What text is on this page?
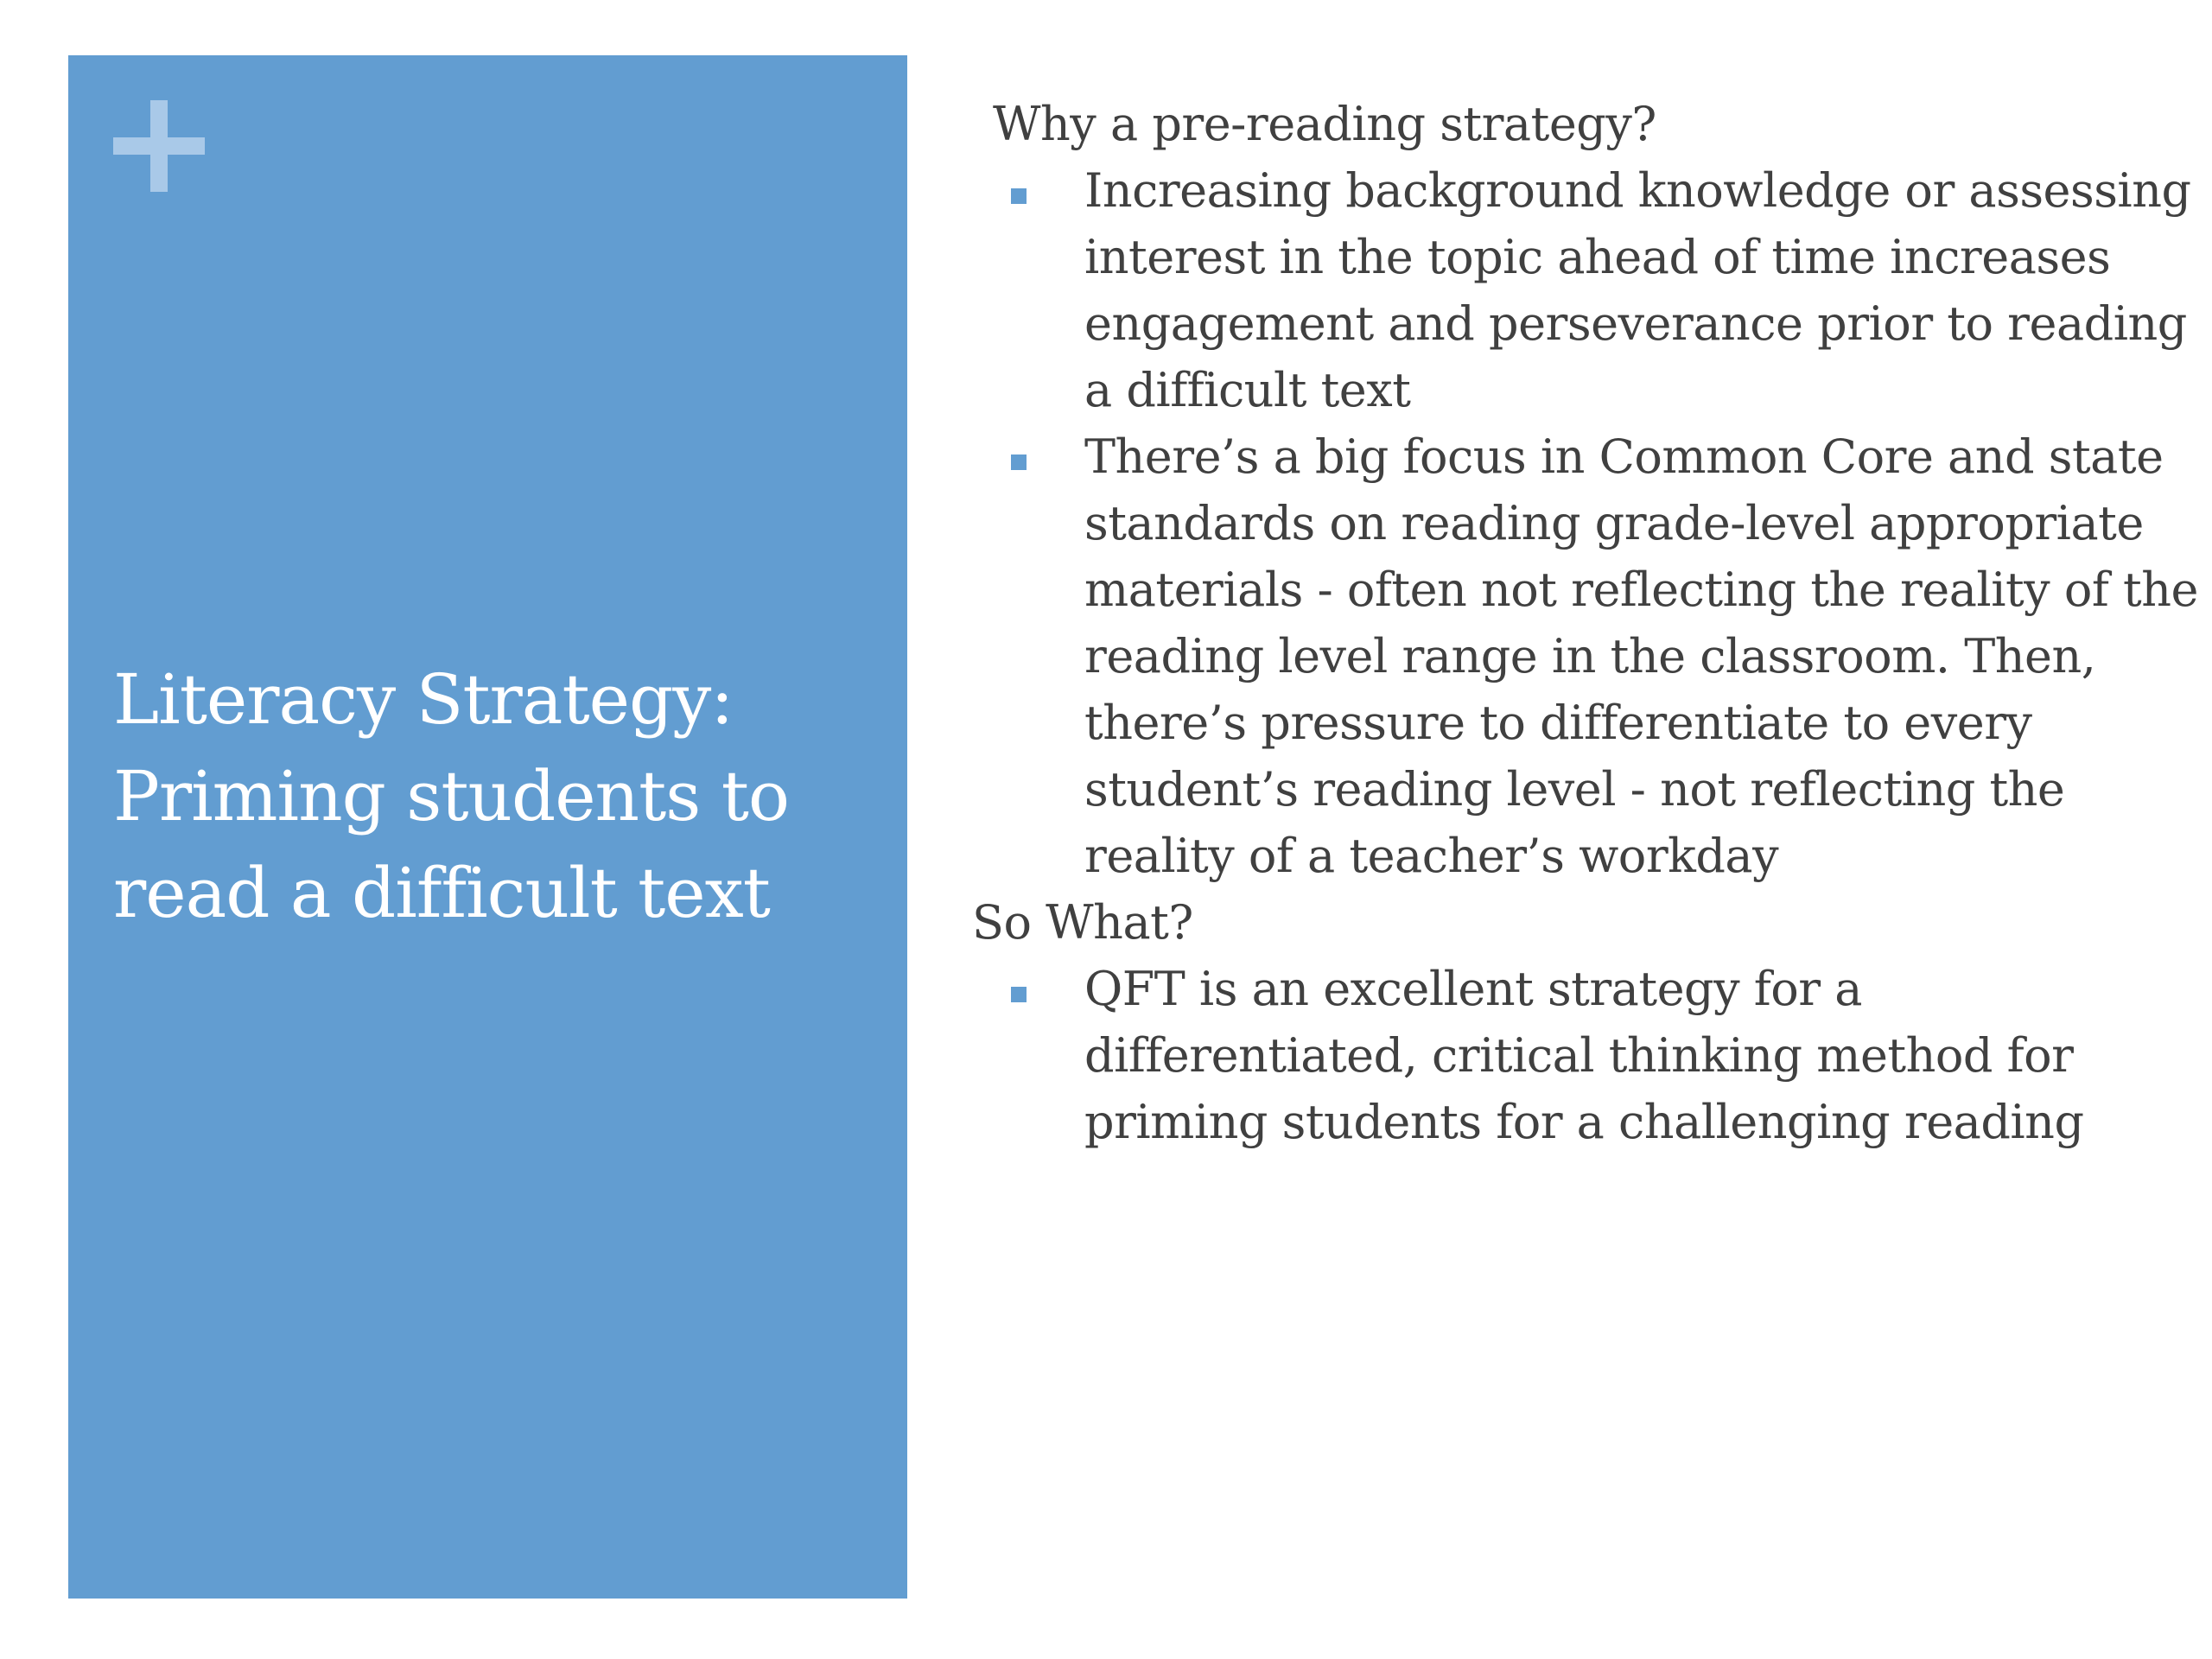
Literacy Strategy: Priming students to read a difficult text

Why a pre-reading strategy?

Increasing background knowledge or assessing interest in the topic ahead of time increases engagement and perseverance prior to reading a difficult text
There’s a big focus in Common Core and state standards on reading grade-level appropriate materials - often not reflecting the reality of the reading level range in the classroom. Then, there’s pressure to differentiate to every student’s reading level - not reflecting the reality of a teacher’s workday

So What?

QFT is an excellent strategy for a differentiated, critical thinking method for priming students for a challenging reading
